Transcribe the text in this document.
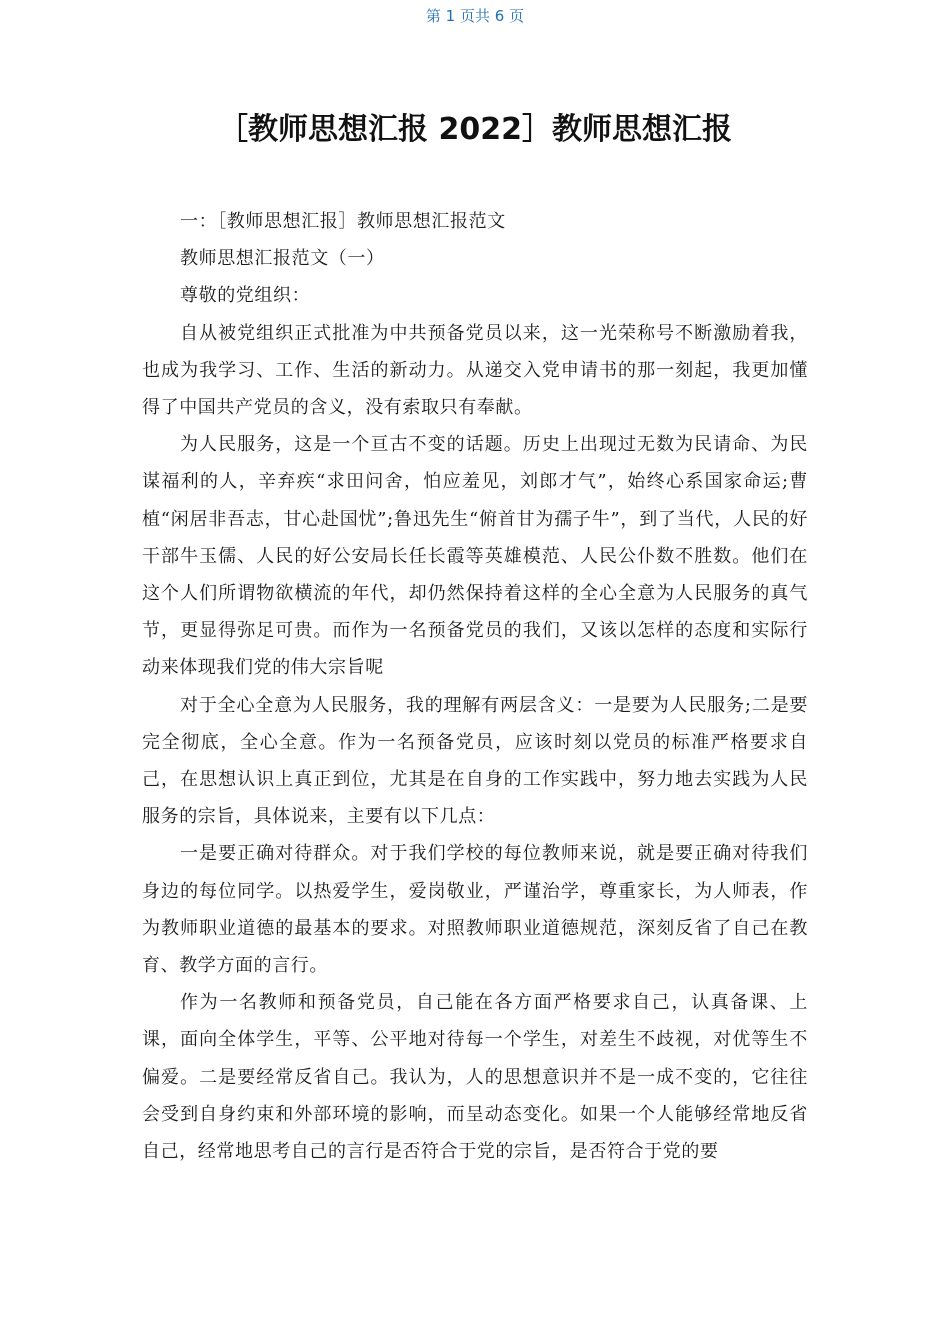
第 1 页共 6 页
［教师思想汇报 2022］教师思想汇报

一：［教师思想汇报］教师思想汇报范文

教师思想汇报范文（一）

尊敬的党组织：

自从被党组织正式批准为中共预备党员以来，这一光荣称号不断激励着我，也成为我学习、工作、生活的新动力。从递交入党申请书的那一刻起，我更加懂得了中国共产党员的含义，没有索取只有奉献。

为人民服务，这是一个亘古不变的话题。历史上出现过无数为民请命、为民谋福利的人，辛弃疾“求田问舍，怕应羞见，刘郎才气”，始终心系国家命运;曹植“闲居非吾志，甘心赴国忧”;鲁迅先生“俯首甘为孺子牛”，到了当代，人民的好干部牛玉儒、人民的好公安局长任长霞等英雄模范、人民公仆数不胜数。他们在这个人们所谓物欲横流的年代，却仍然保持着这样的全心全意为人民服务的真气节，更显得弥足可贵。而作为一名预备党员的我们，又该以怎样的态度和实际行动来体现我们党的伟大宗旨呢

对于全心全意为人民服务，我的理解有两层含义：一是要为人民服务;二是要完全彻底，全心全意。作为一名预备党员，应该时刻以党员的标准严格要求自己，在思想认识上真正到位，尤其是在自身的工作实践中，努力地去实践为人民服务的宗旨，具体说来，主要有以下几点：

一是要正确对待群众。对于我们学校的每位教师来说，就是要正确对待我们身边的每位同学。以热爱学生，爱岗敬业，严谨治学，尊重家长，为人师表，作为教师职业道德的最基本的要求。对照教师职业道德规范，深刻反省了自己在教育、教学方面的言行。

作为一名教师和预备党员，自己能在各方面严格要求自己，认真备课、上课，面向全体学生，平等、公平地对待每一个学生，对差生不歧视，对优等生不偏爱。二是要经常反省自己。我认为，人的思想意识并不是一成不变的，它往往会受到自身约束和外部环境的影响，而呈动态变化。如果一个人能够经常地反省自己，经常地思考自己的言行是否符合于党的宗旨，是否符合于党的要
